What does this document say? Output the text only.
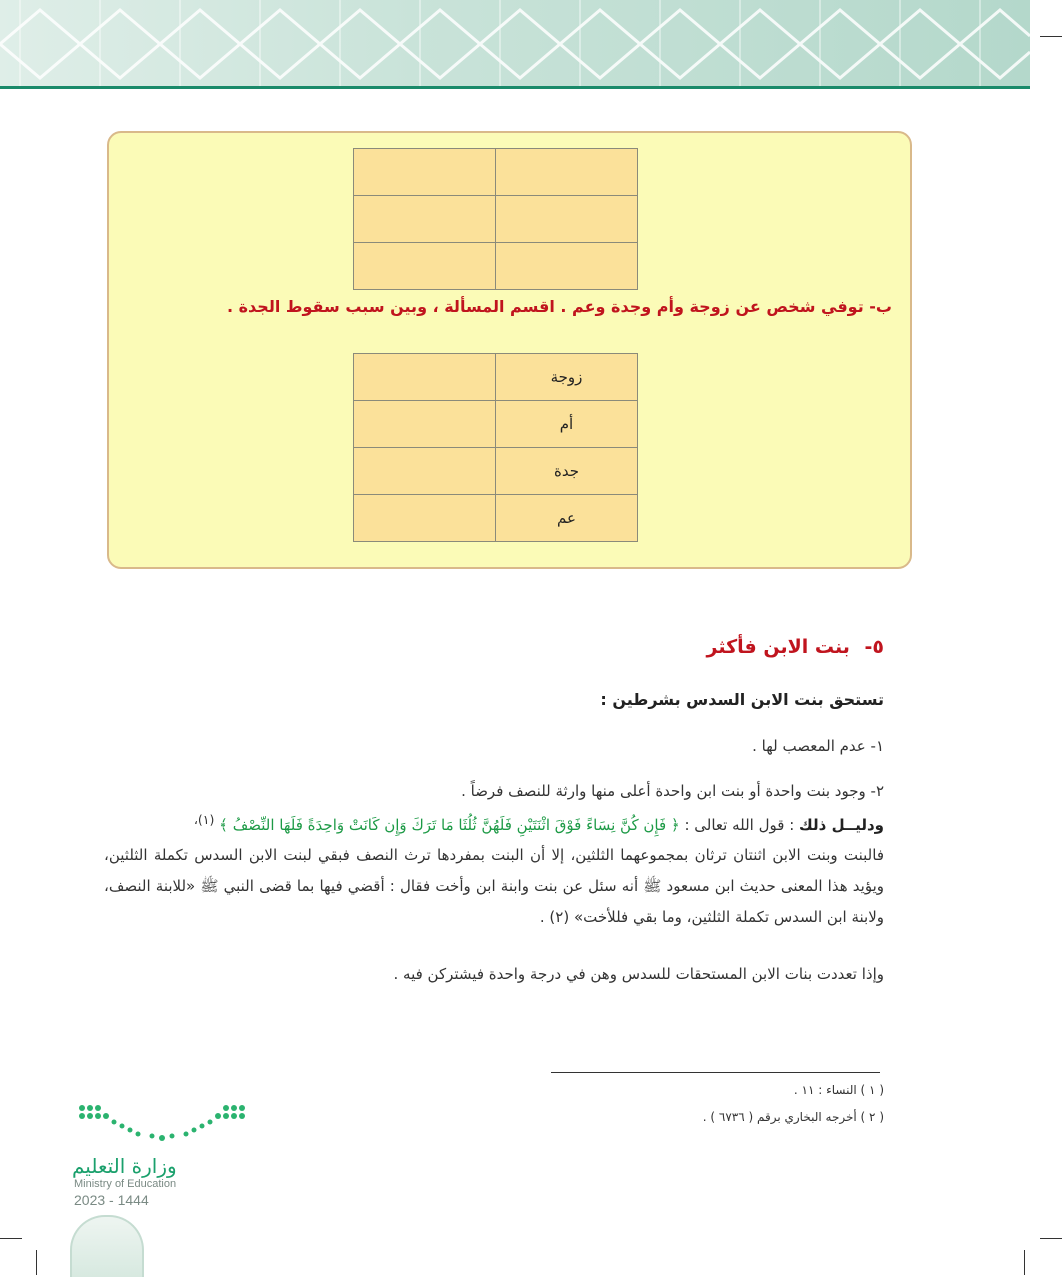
	زوجة
	أم
	جدة
	عم
ب- توفي شخص عن زوجة وأم وجدة وعم . اقسم المسألة ، وبين سبب سقوط الجدة .
٥- بنت الابن فأكثر
تستحق بنت الابن السدس بشرطين :
١- عدم المعصب لها .
٢- وجود بنت واحدة أو بنت ابن واحدة أعلى منها وارثة للنصف فرضاً .
ودليــل ذلك : قول الله تعالى : ﴿ فَإِن كُنَّ نِسَاءً فَوْقَ اثْنَتَيْنِ فَلَهُنَّ ثُلُثَا مَا تَرَكَ وَإِن كَانَتْ وَاحِدَةً فَلَهَا النِّصْفُ ﴾ $^{(١)،}$
فالبنت وبنت الابن اثنتان ترثان بمجموعهما الثلثين، إلا أن البنت بمفردها ترث النصف فبقي لبنت الابن السدس تكملة الثلثين، ويؤيد هذا المعنى حديث ابن مسعود ﷺ أنه سئل عن بنت وابنة ابن وأخت فقال : أقضي فيها بما قضى النبي ﷺ «للابنة النصف، ولابنة ابن السدس تكملة الثلثين، وما بقي فللأخت» (٢) .
وإذا تعددت بنات الابن المستحقات للسدس وهن في درجة واحدة فيشتركن فيه .
( ١ ) النساء : ١١ .
( ٢ ) أخرجه البخاري برقم ( ٦٧٣٦ ) .
وزارة التعليم
Ministry of Education
2023 - 1444
